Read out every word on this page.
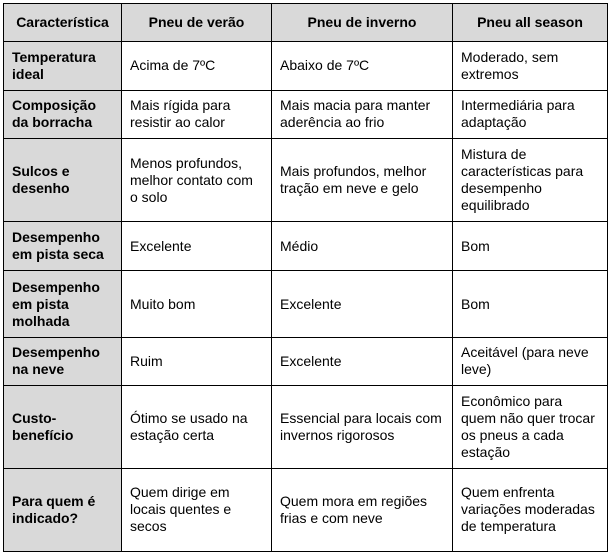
Característica	Pneu de verão	Pneu de inverno	Pneu all season
Temperatura ideal	Acima de 7ºC	Abaixo de 7ºC	Moderado, sem extremos
Composição da borracha	Mais rígida para resistir ao calor	Mais macia para manter aderência ao frio	Intermediária para adaptação
Sulcos e desenho	Menos profundos, melhor contato com o solo	Mais profundos, melhor tração em neve e gelo	Mistura de características para desempenho equilibrado
Desempenho em pista seca	Excelente	Médio	Bom
Desempenho em pista molhada	Muito bom	Excelente	Bom
Desempenho na neve	Ruim	Excelente	Aceitável (para neve leve)
Custo-benefício	Ótimo se usado na estação certa	Essencial para locais com invernos rigorosos	Econômico para quem não quer trocar os pneus a cada estação
Para quem é indicado?	Quem dirige em locais quentes e secos	Quem mora em regiões frias e com neve	Quem enfrenta variações moderadas de temperatura
